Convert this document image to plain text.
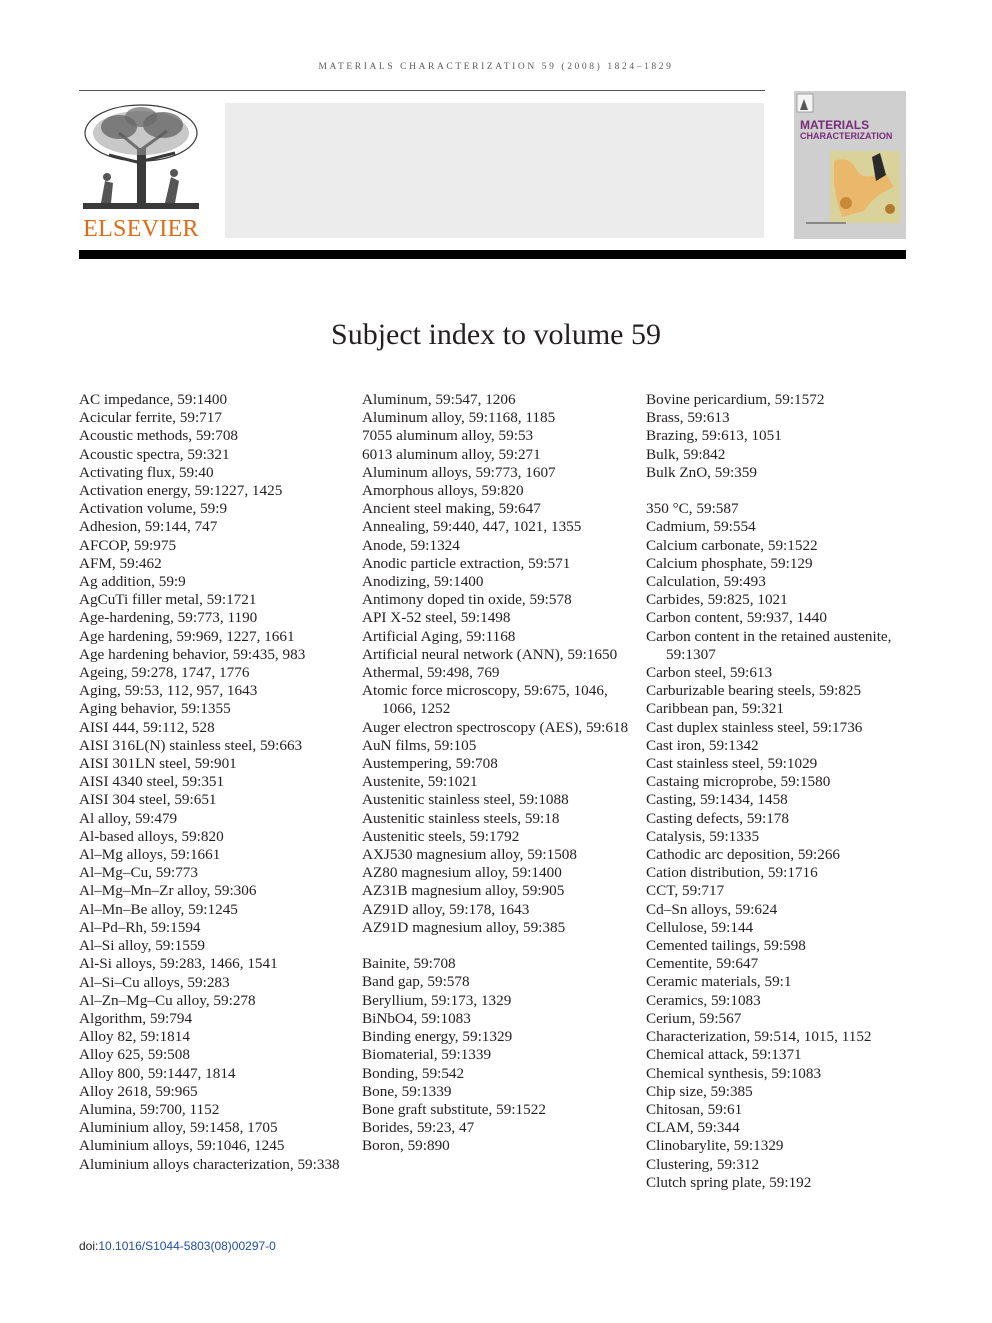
MATERIALS CHARACTERIZATION 59 (2008) 1824–1829
ELSEVIER
MATERIALS
CHARACTERIZATION
Subject index to volume 59
AC impedance, 59:1400
Acicular ferrite, 59:717
Acoustic methods, 59:708
Acoustic spectra, 59:321
Activating flux, 59:40
Activation energy, 59:1227, 1425
Activation volume, 59:9
Adhesion, 59:144, 747
AFCOP, 59:975
AFM, 59:462
Ag addition, 59:9
AgCuTi filler metal, 59:1721
Age-hardening, 59:773, 1190
Age hardening, 59:969, 1227, 1661
Age hardening behavior, 59:435, 983
Ageing, 59:278, 1747, 1776
Aging, 59:53, 112, 957, 1643
Aging behavior, 59:1355
AISI 444, 59:112, 528
AISI 316L(N) stainless steel, 59:663
AISI 301LN steel, 59:901
AISI 4340 steel, 59:351
AISI 304 steel, 59:651
Al alloy, 59:479
Al-based alloys, 59:820
Al–Mg alloys, 59:1661
Al–Mg–Cu, 59:773
Al–Mg–Mn–Zr alloy, 59:306
Al–Mn–Be alloy, 59:1245
Al–Pd–Rh, 59:1594
Al–Si alloy, 59:1559
Al-Si alloys, 59:283, 1466, 1541
Al–Si–Cu alloys, 59:283
Al–Zn–Mg–Cu alloy, 59:278
Algorithm, 59:794
Alloy 82, 59:1814
Alloy 625, 59:508
Alloy 800, 59:1447, 1814
Alloy 2618, 59:965
Alumina, 59:700, 1152
Aluminium alloy, 59:1458, 1705
Aluminium alloys, 59:1046, 1245
Aluminium alloys characterization, 59:338
Aluminum, 59:547, 1206
Aluminum alloy, 59:1168, 1185
7055 aluminum alloy, 59:53
6013 aluminum alloy, 59:271
Aluminum alloys, 59:773, 1607
Amorphous alloys, 59:820
Ancient steel making, 59:647
Annealing, 59:440, 447, 1021, 1355
Anode, 59:1324
Anodic particle extraction, 59:571
Anodizing, 59:1400
Antimony doped tin oxide, 59:578
API X-52 steel, 59:1498
Artificial Aging, 59:1168
Artificial neural network (ANN), 59:1650
Athermal, 59:498, 769
Atomic force microscopy, 59:675, 1046, 1066, 1252
Auger electron spectroscopy (AES), 59:618
AuN films, 59:105
Austempering, 59:708
Austenite, 59:1021
Austenitic stainless steel, 59:1088
Austenitic stainless steels, 59:18
Austenitic steels, 59:1792
AXJ530 magnesium alloy, 59:1508
AZ80 magnesium alloy, 59:1400
AZ31B magnesium alloy, 59:905
AZ91D alloy, 59:178, 1643
AZ91D magnesium alloy, 59:385
Bainite, 59:708
Band gap, 59:578
Beryllium, 59:173, 1329
BiNbO4, 59:1083
Binding energy, 59:1329
Biomaterial, 59:1339
Bonding, 59:542
Bone, 59:1339
Bone graft substitute, 59:1522
Borides, 59:23, 47
Boron, 59:890
Bovine pericardium, 59:1572
Brass, 59:613
Brazing, 59:613, 1051
Bulk, 59:842
Bulk ZnO, 59:359
350 °C, 59:587
Cadmium, 59:554
Calcium carbonate, 59:1522
Calcium phosphate, 59:129
Calculation, 59:493
Carbides, 59:825, 1021
Carbon content, 59:937, 1440
Carbon content in the retained austenite, 59:1307
Carbon steel, 59:613
Carburizable bearing steels, 59:825
Caribbean pan, 59:321
Cast duplex stainless steel, 59:1736
Cast iron, 59:1342
Cast stainless steel, 59:1029
Castaing microprobe, 59:1580
Casting, 59:1434, 1458
Casting defects, 59:178
Catalysis, 59:1335
Cathodic arc deposition, 59:266
Cation distribution, 59:1716
CCT, 59:717
Cd–Sn alloys, 59:624
Cellulose, 59:144
Cemented tailings, 59:598
Cementite, 59:647
Ceramic materials, 59:1
Ceramics, 59:1083
Cerium, 59:567
Characterization, 59:514, 1015, 1152
Chemical attack, 59:1371
Chemical synthesis, 59:1083
Chip size, 59:385
Chitosan, 59:61
CLAM, 59:344
Clinobarylite, 59:1329
Clustering, 59:312
Clutch spring plate, 59:192
doi:10.1016/S1044-5803(08)00297-0
